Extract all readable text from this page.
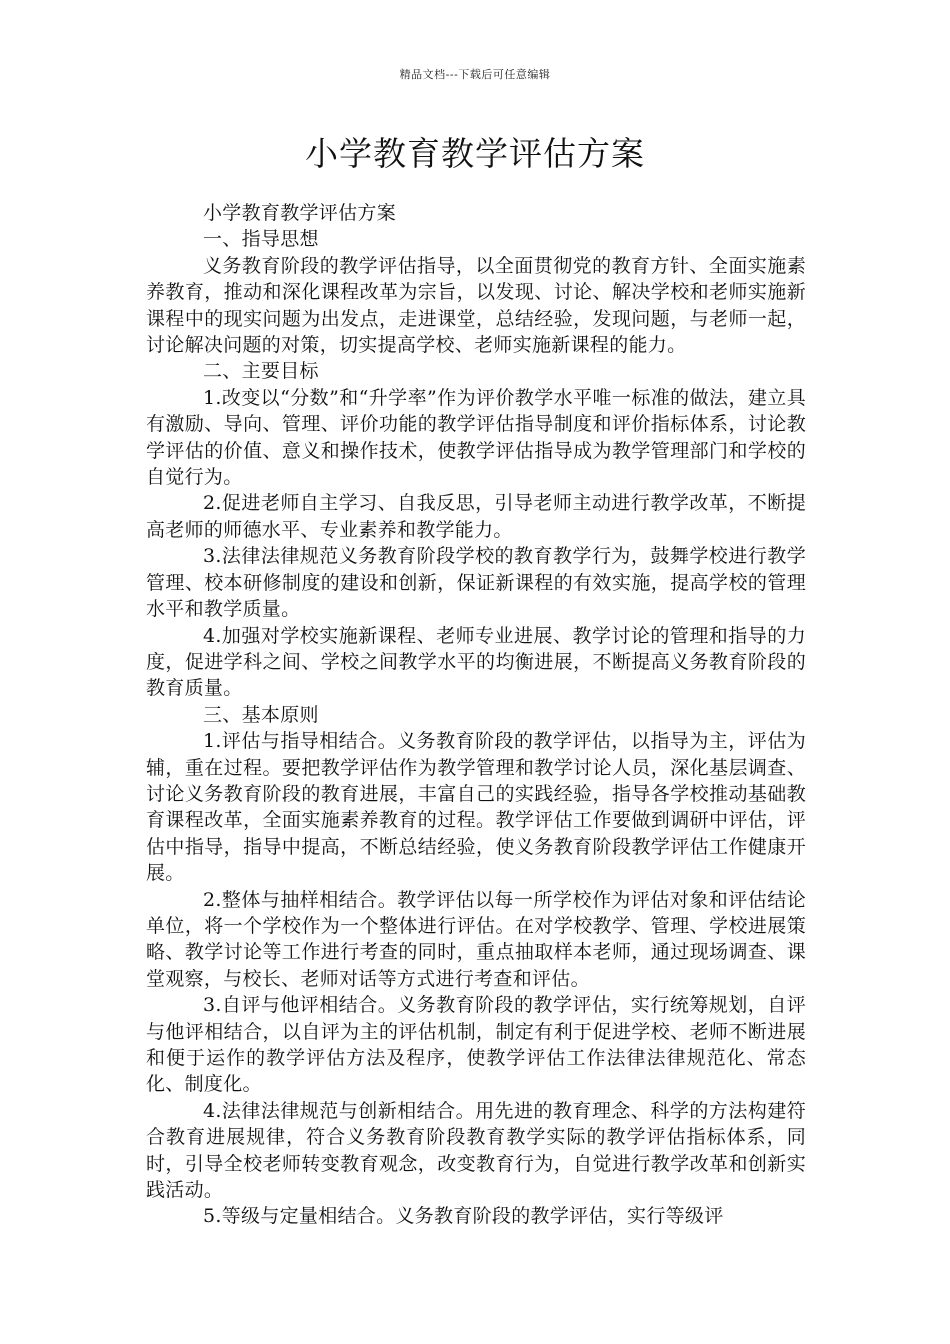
精品文档---下载后可任意编辑
小学教育教学评估方案

小学教育教学评估方案

一、指导思想

义务教育阶段的教学评估指导，以全面贯彻党的教育方针、全面实施素养教育，推动和深化课程改革为宗旨，以发现、讨论、解决学校和老师实施新课程中的现实问题为出发点，走进课堂，总结经验，发现问题，与老师一起，讨论解决问题的对策，切实提高学校、老师实施新课程的能力。

二、主要目标

1.改变以“分数”和“升学率”作为评价教学水平唯一标准的做法，建立具有激励、导向、管理、评价功能的教学评估指导制度和评价指标体系，讨论教学评估的价值、意义和操作技术，使教学评估指导成为教学管理部门和学校的自觉行为。

2.促进老师自主学习、自我反思，引导老师主动进行教学改革，不断提高老师的师德水平、专业素养和教学能力。

3.法律法律规范义务教育阶段学校的教育教学行为，鼓舞学校进行教学管理、校本研修制度的建设和创新，保证新课程的有效实施，提高学校的管理水平和教学质量。

4.加强对学校实施新课程、老师专业进展、教学讨论的管理和指导的力度，促进学科之间、学校之间教学水平的均衡进展，不断提高义务教育阶段的教育质量。

三、基本原则

1.评估与指导相结合。义务教育阶段的教学评估，以指导为主，评估为辅，重在过程。要把教学评估作为教学管理和教学讨论人员，深化基层调查、讨论义务教育阶段的教育进展，丰富自己的实践经验，指导各学校推动基础教育课程改革，全面实施素养教育的过程。教学评估工作要做到调研中评估，评估中指导，指导中提高，不断总结经验，使义务教育阶段教学评估工作健康开展。

2.整体与抽样相结合。教学评估以每一所学校作为评估对象和评估结论单位，将一个学校作为一个整体进行评估。在对学校教学、管理、学校进展策略、教学讨论等工作进行考查的同时，重点抽取样本老师，通过现场调查、课堂观察，与校长、老师对话等方式进行考查和评估。

3.自评与他评相结合。义务教育阶段的教学评估，实行统筹规划，自评与他评相结合，以自评为主的评估机制，制定有利于促进学校、老师不断进展和便于运作的教学评估方法及程序，使教学评估工作法律法律规范化、常态化、制度化。

4.法律法律规范与创新相结合。用先进的教育理念、科学的方法构建符合教育进展规律，符合义务教育阶段教育教学实际的教学评估指标体系，同时，引导全校老师转变教育观念，改变教育行为，自觉进行教学改革和创新实践活动。

5.等级与定量相结合。义务教育阶段的教学评估，实行等级评
